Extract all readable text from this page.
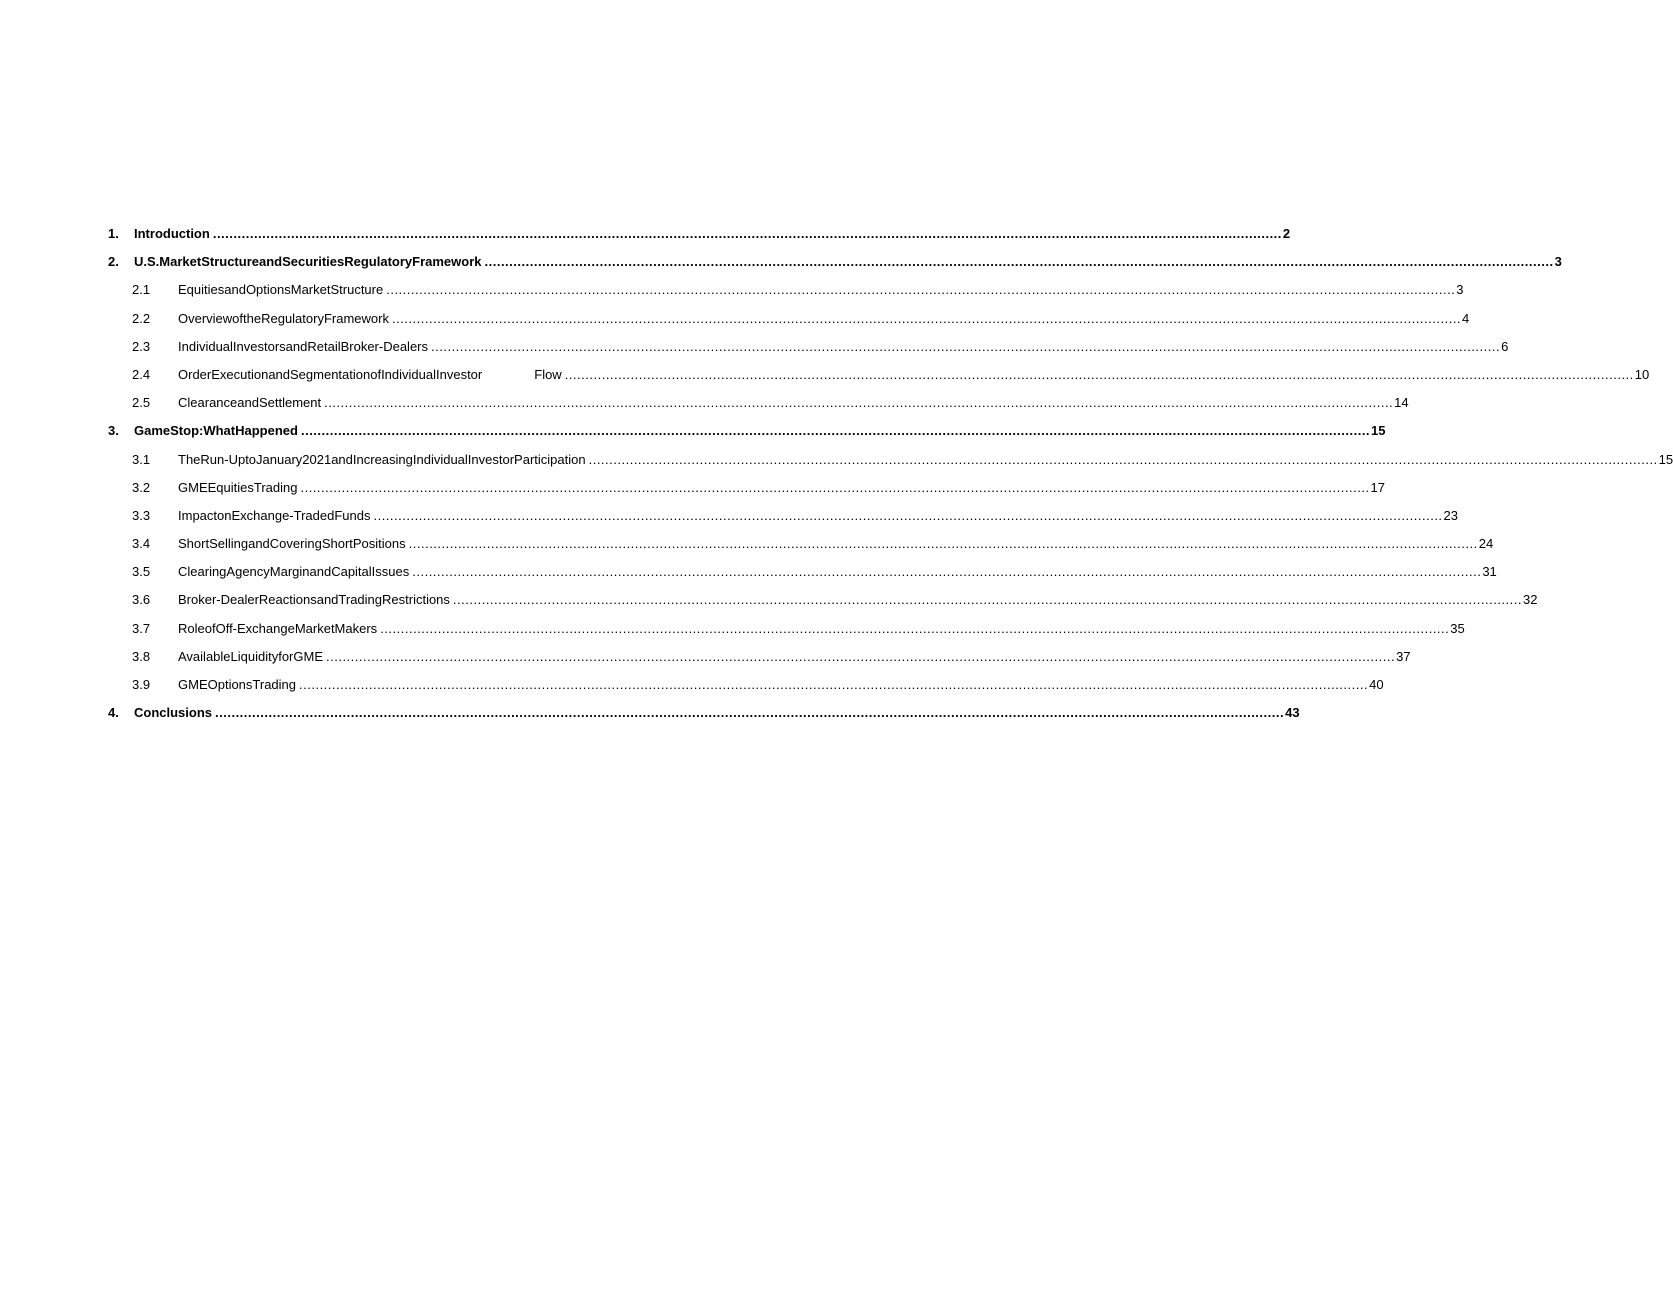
1. Introduction .................................................................................................................................................................................................................................................................... 2
2. U.S.MarketStructureandSecuritiesRegulatoryFramework .................................................................................................................................................................................................................................................................... 3
2.1 EquitiesandOptionsMarketStructure .................................................................................................................................................................................................................................................................... 3
2.2 OverviewoftheRegulatoryFramework .................................................................................................................................................................................................................................................................... 4
2.3 IndividualInvestorsandRetailBroker-Dealers .................................................................................................................................................................................................................................................................... 6
2.4 OrderExecutionandSegmentationofIndividualInvestor	Flow .................................................................................................................................................................................................................................................................... 10
2.5 ClearanceandSettlement .................................................................................................................................................................................................................................................................... 14
3. GameStop:WhatHappened .................................................................................................................................................................................................................................................................... 15
3.1 TheRun-UptoJanuary2021andIncreasingIndividualInvestorParticipation .................................................................................................................................................................................................................................................................... 15
3.2 GMEEquitiesTrading .................................................................................................................................................................................................................................................................... 17
3.3 ImpactonExchange-TradedFunds .................................................................................................................................................................................................................................................................... 23
3.4 ShortSellingandCoveringShortPositions .................................................................................................................................................................................................................................................................... 24
3.5 ClearingAgencyMarginandCapitalIssues .................................................................................................................................................................................................................................................................... 31
3.6 Broker-DealerReactionsandTradingRestrictions .................................................................................................................................................................................................................................................................... 32
3.7 RoleofOff-ExchangeMarketMakers .................................................................................................................................................................................................................................................................... 35
3.8 AvailableLiquidityforGME .................................................................................................................................................................................................................................................................... 37
3.9 GMEOptionsTrading .................................................................................................................................................................................................................................................................... 40
4. Conclusions .................................................................................................................................................................................................................................................................... 43
